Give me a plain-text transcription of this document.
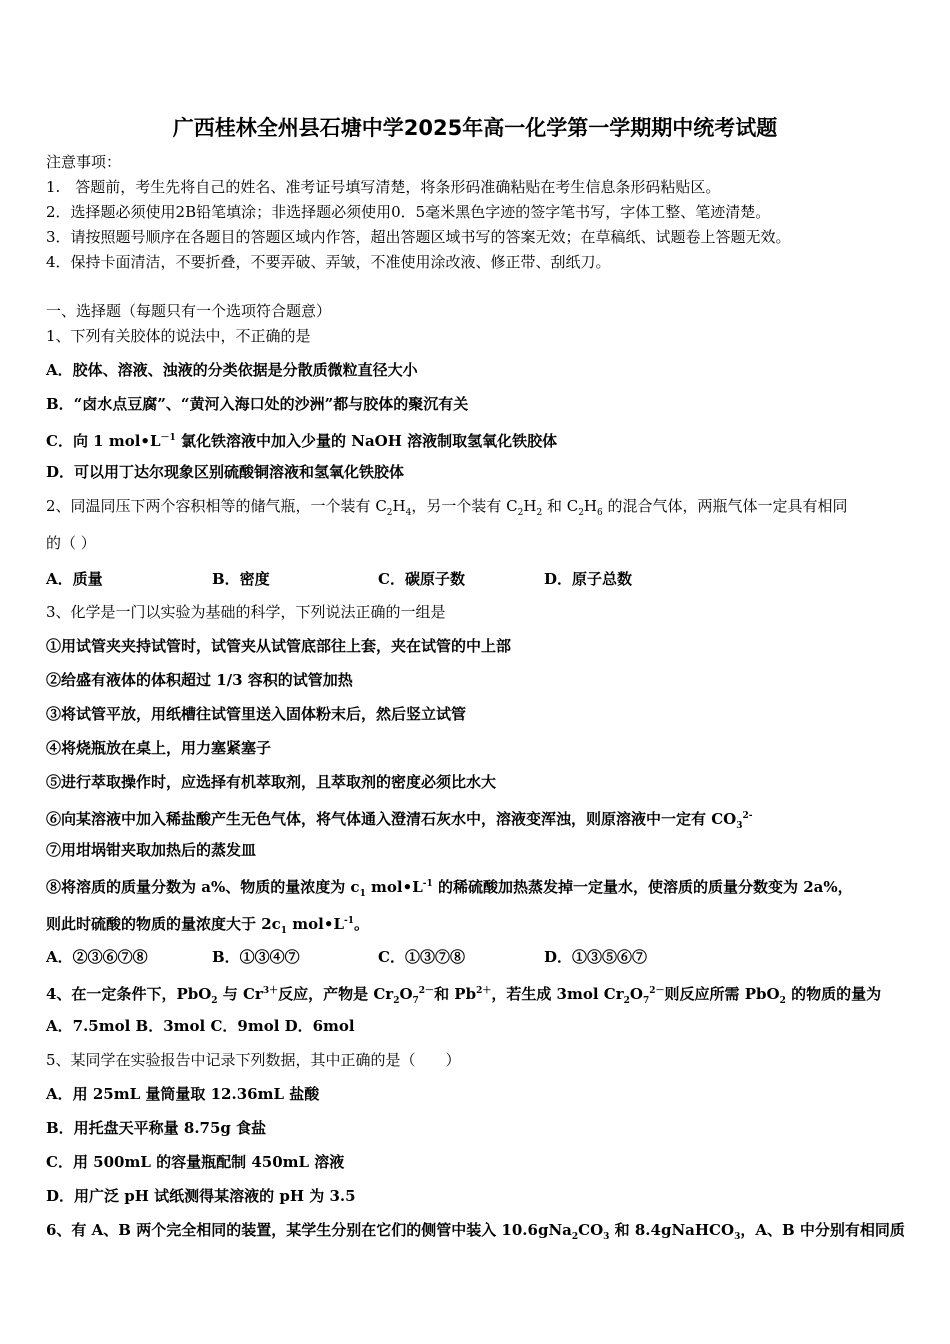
广西桂林全州县石塘中学2025年高一化学第一学期期中统考试题
注意事项：
1.　答题前，考生先将自己的姓名、准考证号填写清楚，将条形码准确粘贴在考生信息条形码粘贴区。
2．选择题必须使用2B铅笔填涂；非选择题必须使用0．5毫米黑色字迹的签字笔书写，字体工整、笔迹清楚。
3．请按照题号顺序在各题目的答题区域内作答，超出答题区域书写的答案无效；在草稿纸、试题卷上答题无效。
4．保持卡面清洁，不要折叠，不要弄破、弄皱，不准使用涂改液、修正带、刮纸刀。
一、选择题（每题只有一个选项符合题意）
1、下列有关胶体的说法中，不正确的是
A．胶体、溶液、浊液的分类依据是分散质微粒直径大小
B．“卤水点豆腐”、“黄河入海口处的沙洲”都与胶体的聚沉有关
C．向 1 $mol•L^{-1}$ 氯化铁溶液中加入少量的 NaOH 溶液制取氢氧化铁胶体
D．可以用丁达尔现象区别硫酸铜溶液和氢氧化铁胶体
2、同温同压下两个容积相等的储气瓶，一个装有 $C_2H_4$，另一个装有 $C_2H_2$ 和 $C_2H_6$ 的混合气体，两瓶气体一定具有相同
的（ ）
A．质量	B．密度	C．碳原子数	D．原子总数
3、化学是一门以实验为基础的科学，下列说法正确的一组是
①用试管夹夹持试管时，试管夹从试管底部往上套，夹在试管的中上部
②给盛有液体的体积超过 1/3 容积的试管加热
③将试管平放，用纸槽往试管里送入固体粉末后，然后竖立试管
④将烧瓶放在桌上，用力塞紧塞子
⑤进行萃取操作时，应选择有机萃取剂，且萃取剂的密度必须比水大
⑥向某溶液中加入稀盐酸产生无色气体，将气体通入澄清石灰水中，溶液变浑浊，则原溶液中一定有 $CO_3^{2-}$
⑦用坩埚钳夹取加热后的蒸发皿
⑧将溶质的质量分数为 a%、物质的量浓度为 $c_1$ $mol•L^{-1}$ 的稀硫酸加热蒸发掉一定量水，使溶质的质量分数变为 2a%，
则此时硫酸的物质的量浓度大于 $2c_1$ $mol•L^{-1}$。
A．②③⑥⑦⑧	B．①③④⑦	C．①③⑦⑧	D．①③⑤⑥⑦
4、在一定条件下，PbO$_2$ 与 $Cr^{3+}$反应，产物是 $Cr_2O_7^{2-}$和 $Pb^{2+}$，若生成 3mol $Cr_2O_7^{2-}$则反应所需 PbO$_2$ 的物质的量为
A．7.5mol B．3mol C．9mol D．6mol
5、某同学在实验报告中记录下列数据，其中正确的是（　　）
A．用 25mL 量筒量取 12.36mL 盐酸
B．用托盘天平称量 8.75g 食盐
C．用 500mL 的容量瓶配制 450mL 溶液
D．用广泛 pH 试纸测得某溶液的 pH 为 3.5
6、有 A、B 两个完全相同的装置，某学生分别在它们的侧管中装入 $10.6gNa_2CO_3$ 和 8.4gNaHCO$_3$，A、B 中分别有相同质
